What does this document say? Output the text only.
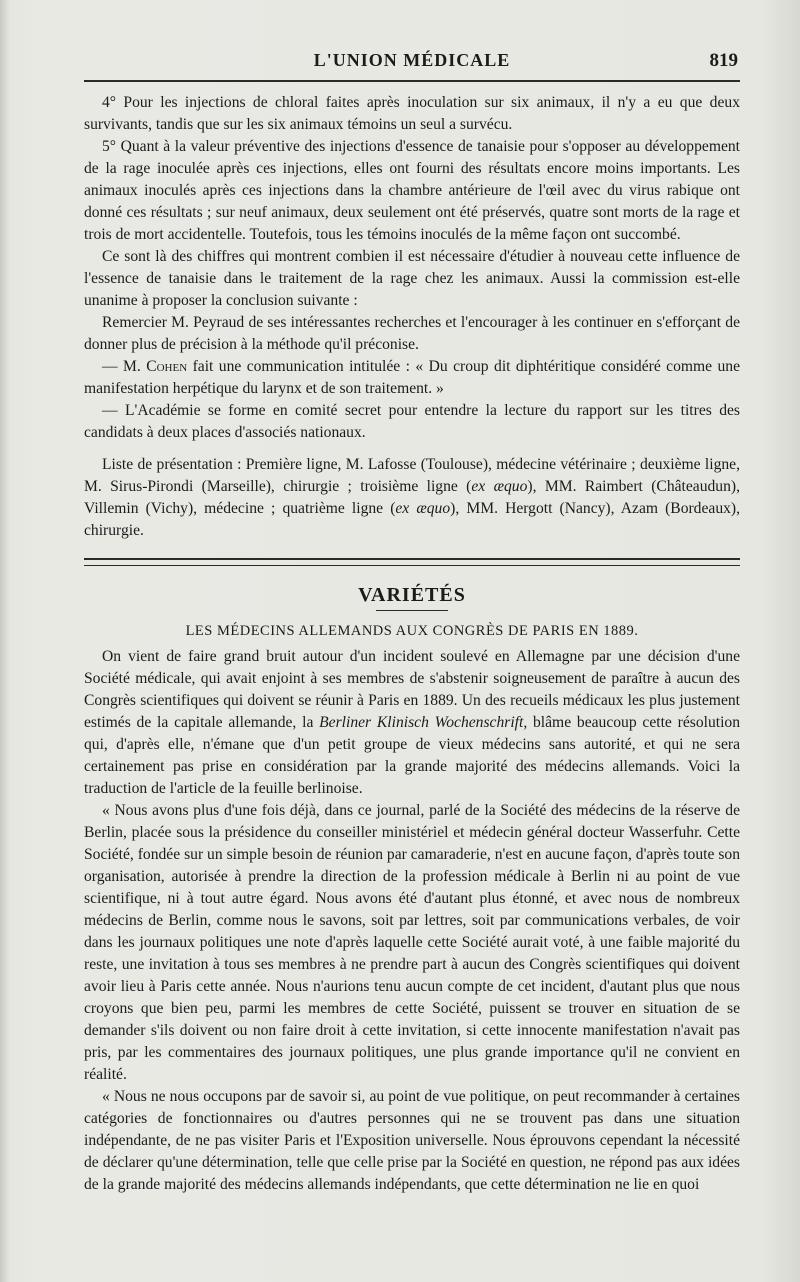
L'UNION MÉDICALE	819

4° Pour les injections de chloral faites après inoculation sur six animaux, il n'y a eu que deux survivants, tandis que sur les six animaux témoins un seul a survécu.

5° Quant à la valeur préventive des injections d'essence de tanaisie pour s'opposer au développement de la rage inoculée après ces injections, elles ont fourni des résultats encore moins importants. Les animaux inoculés après ces injections dans la chambre antérieure de l'œil avec du virus rabique ont donné ces résultats ; sur neuf animaux, deux seulement ont été préservés, quatre sont morts de la rage et trois de mort accidentelle. Toutefois, tous les témoins inoculés de la même façon ont succombé.

Ce sont là des chiffres qui montrent combien il est nécessaire d'étudier à nouveau cette influence de l'essence de tanaisie dans le traitement de la rage chez les animaux. Aussi la commission est-elle unanime à proposer la conclusion suivante :

Remercier M. Peyraud de ses intéressantes recherches et l'encourager à les continuer en s'efforçant de donner plus de précision à la méthode qu'il préconise.

— M. Cohen fait une communication intitulée : « Du croup dit diphtéritique considéré comme une manifestation herpétique du larynx et de son traitement. »

— L'Académie se forme en comité secret pour entendre la lecture du rapport sur les titres des candidats à deux places d'associés nationaux.

Liste de présentation : Première ligne, M. Lafosse (Toulouse), médecine vétérinaire ; deuxième ligne, M. Sirus-Pirondi (Marseille), chirurgie ; troisième ligne (ex æquo), MM. Raimbert (Châteaudun), Villemin (Vichy), médecine ; quatrième ligne (ex æquo), MM. Hergott (Nancy), Azam (Bordeaux), chirurgie.

VARIÉTÉS
LES MÉDECINS ALLEMANDS AUX CONGRÈS DE PARIS EN 1889.

On vient de faire grand bruit autour d'un incident soulevé en Allemagne par une décision d'une Société médicale, qui avait enjoint à ses membres de s'abstenir soigneusement de paraître à aucun des Congrès scientifiques qui doivent se réunir à Paris en 1889. Un des recueils médicaux les plus justement estimés de la capitale allemande, la Berliner Klinisch Wochenschrift, blâme beaucoup cette résolution qui, d'après elle, n'émane que d'un petit groupe de vieux médecins sans autorité, et qui ne sera certainement pas prise en considération par la grande majorité des médecins allemands. Voici la traduction de l'article de la feuille berlinoise.

« Nous avons plus d'une fois déjà, dans ce journal, parlé de la Société des médecins de la réserve de Berlin, placée sous la présidence du conseiller ministériel et médecin général docteur Wasserfuhr. Cette Société, fondée sur un simple besoin de réunion par camaraderie, n'est en aucune façon, d'après toute son organisation, autorisée à prendre la direction de la profession médicale à Berlin ni au point de vue scientifique, ni à tout autre égard. Nous avons été d'autant plus étonné, et avec nous de nombreux médecins de Berlin, comme nous le savons, soit par lettres, soit par communications verbales, de voir dans les journaux politiques une note d'après laquelle cette Société aurait voté, à une faible majorité du reste, une invitation à tous ses membres à ne prendre part à aucun des Congrès scientifiques qui doivent avoir lieu à Paris cette année. Nous n'aurions tenu aucun compte de cet incident, d'autant plus que nous croyons que bien peu, parmi les membres de cette Société, puissent se trouver en situation de se demander s'ils doivent ou non faire droit à cette invitation, si cette innocente manifestation n'avait pas pris, par les commentaires des journaux politiques, une plus grande importance qu'il ne convient en réalité.

« Nous ne nous occupons par de savoir si, au point de vue politique, on peut recommander à certaines catégories de fonctionnaires ou d'autres personnes qui ne se trouvent pas dans une situation indépendante, de ne pas visiter Paris et l'Exposition universelle. Nous éprouvons cependant la nécessité de déclarer qu'une détermination, telle que celle prise par la Société en question, ne répond pas aux idées de la grande majorité des médecins allemands indépendants, que cette détermination ne lie en quoi
